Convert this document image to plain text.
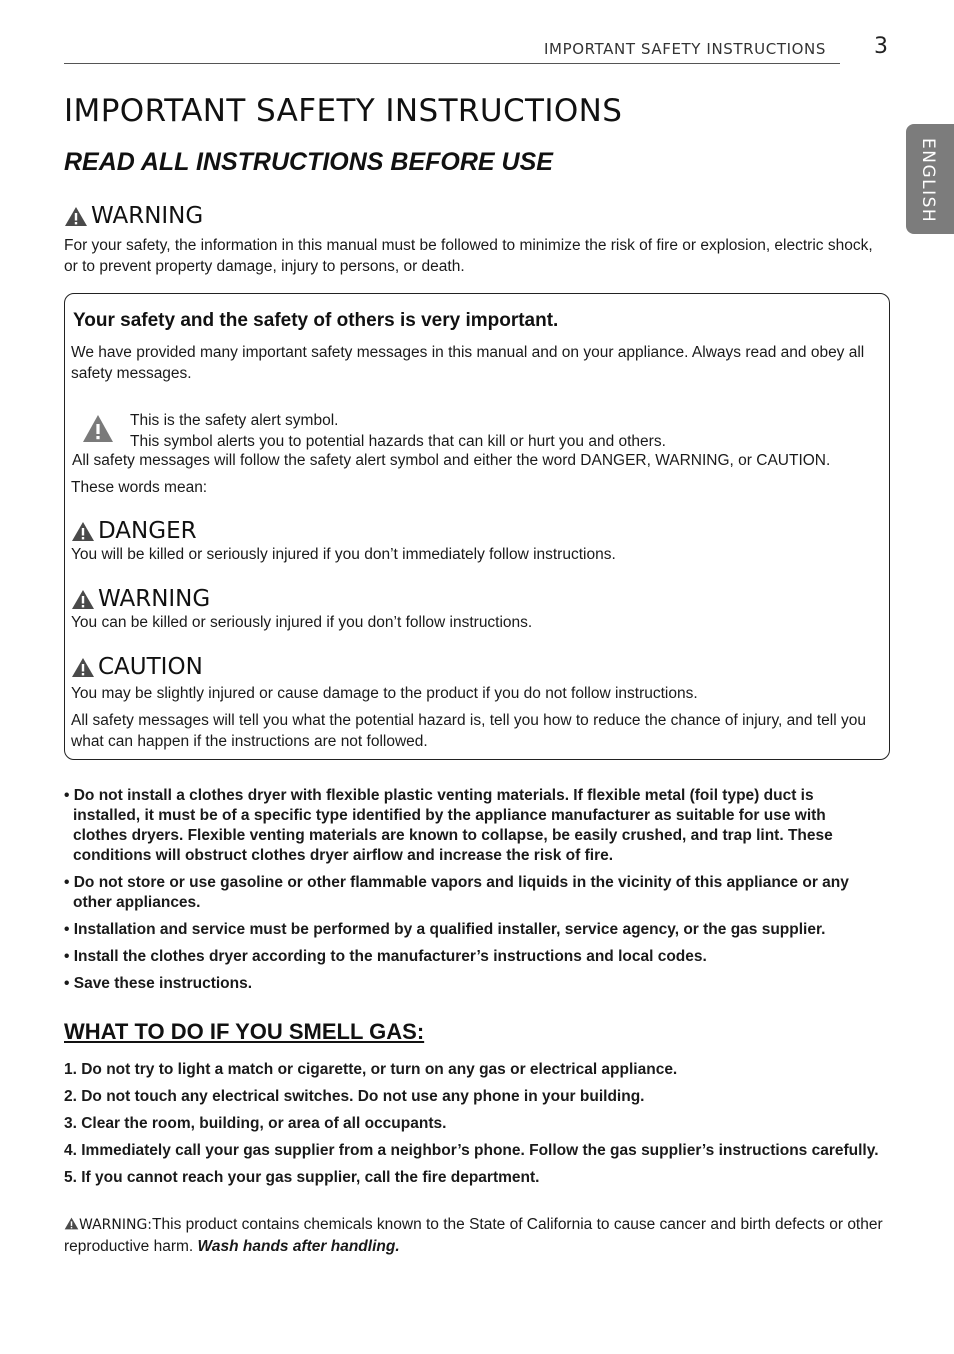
IMPORTANT SAFETY INSTRUCTIONS 3
ENGLISH
IMPORTANT SAFETY INSTRUCTIONS
READ ALL INSTRUCTIONS BEFORE USE
WARNING
For your safety, the information in this manual must be followed to minimize the risk of fire or explosion, electric shock, or to prevent property damage, injury to persons, or death.
Your safety and the safety of others is very important.
We have provided many important safety messages in this manual and on your appliance. Always read and obey all safety messages.
This is the safety alert symbol.
This symbol alerts you to potential hazards that can kill or hurt you and others.
All safety messages will follow the safety alert symbol and either the word DANGER, WARNING, or CAUTION.
These words mean:
DANGER
You will be killed or seriously injured if you don’t immediately follow instructions.
WARNING
You can be killed or seriously injured if you don’t follow instructions.
CAUTION
You may be slightly injured or cause damage to the product if you do not follow instructions.
All safety messages will tell you what the potential hazard is, tell you how to reduce the chance of injury, and tell you what can happen if the instructions are not followed.
• Do not install a clothes dryer with flexible plastic venting materials. If flexible metal (foil type) duct is installed, it must be of a specific type identified by the appliance manufacturer as suitable for use with clothes dryers. Flexible venting materials are known to collapse, be easily crushed, and trap lint. These conditions will obstruct clothes dryer airflow and increase the risk of fire.
• Do not store or use gasoline or other flammable vapors and liquids in the vicinity of this appliance or any other appliances.
• Installation and service must be performed by a qualified installer, service agency, or the gas supplier.
• Install the clothes dryer according to the manufacturer’s instructions and local codes.
• Save these instructions.
WHAT TO DO IF YOU SMELL GAS:
1. Do not try to light a match or cigarette, or turn on any gas or electrical appliance.
2. Do not touch any electrical switches. Do not use any phone in your building.
3. Clear the room, building, or area of all occupants.
4. Immediately call your gas supplier from a neighbor’s phone. Follow the gas supplier’s instructions carefully.
5. If you cannot reach your gas supplier, call the fire department.
WARNING:This product contains chemicals known to the State of California to cause cancer and birth defects or other reproductive harm. Wash hands after handling.
